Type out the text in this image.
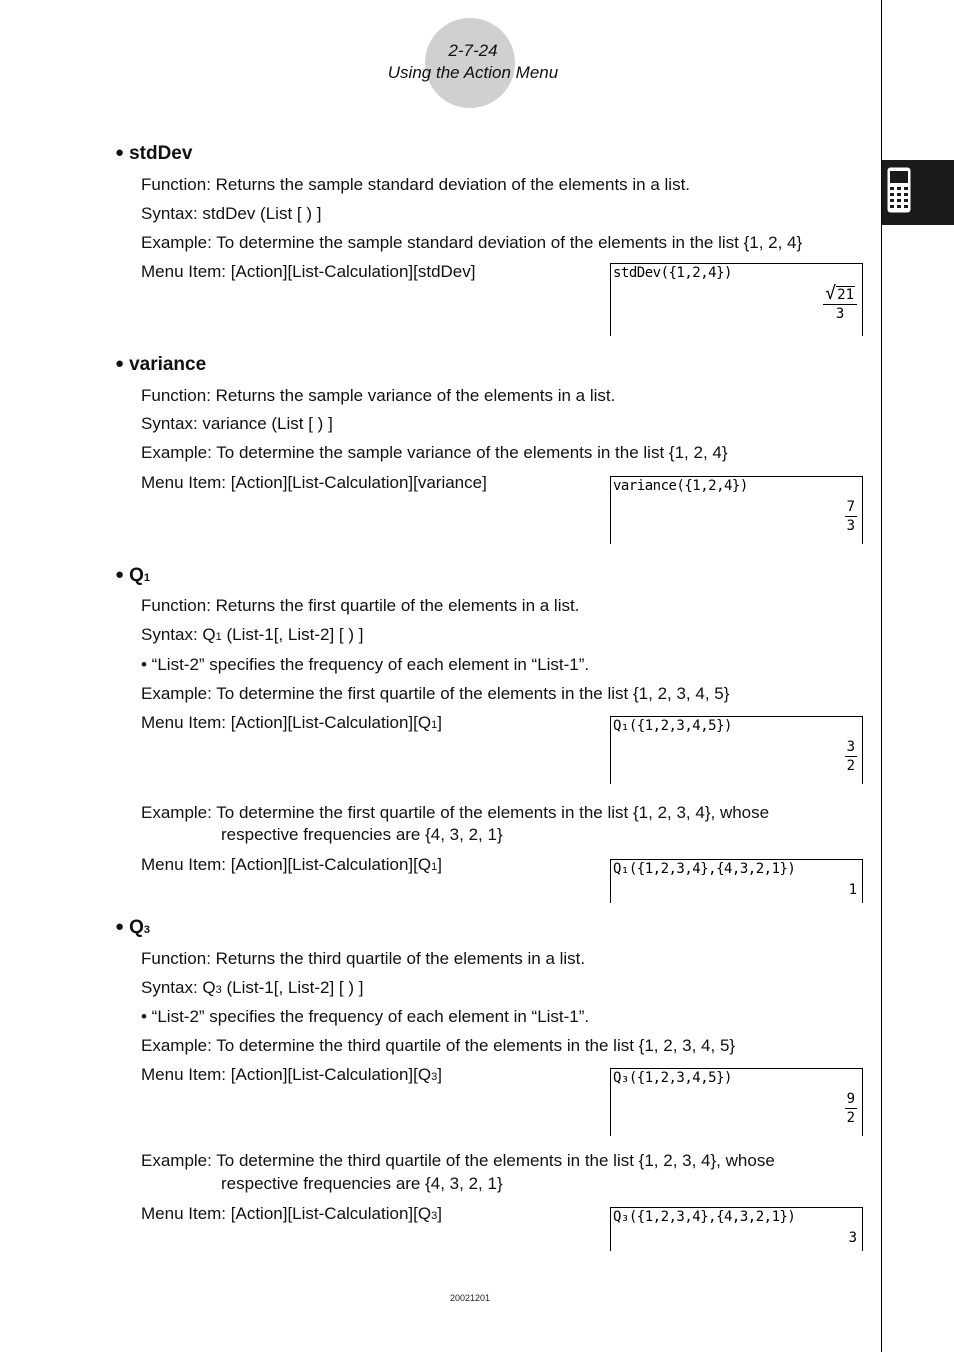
2-7-24
Using the Action Menu
● stdDev
Function: Returns the sample standard deviation of the elements in a list.
Syntax: stdDev (List [ ) ]
Example: To determine the sample standard deviation of the elements in the list {1, 2, 4}
Menu Item: [Action][List-Calculation][stdDev]	stdDev({1,2,4})
$\frac{√21}{3}$
● variance
Function: Returns the sample variance of the elements in a list.
Syntax: variance (List [ ) ]
Example: To determine the sample variance of the elements in the list {1, 2, 4}
Menu Item: [Action][List-Calculation][variance]	variance({1,2,4})
$\frac{7}{3}$
● Q1
Function: Returns the first quartile of the elements in a list.
Syntax: Q1 (List-1[, List-2] [ ) ]
• “List-2” specifies the frequency of each element in “List-1”.
Example: To determine the first quartile of the elements in the list {1, 2, 3, 4, 5}
Menu Item: [Action][List-Calculation][Q1]	Q₁({1,2,3,4,5})
$\frac{3}{2}$
Example: To determine the first quartile of the elements in the list {1, 2, 3, 4}, whose
respective frequencies are {4, 3, 2, 1}
Menu Item: [Action][List-Calculation][Q1]	Q₁({1,2,3,4},{4,3,2,1})
1
● Q3
Function: Returns the third quartile of the elements in a list.
Syntax: Q3 (List-1[, List-2] [ ) ]
• “List-2” specifies the frequency of each element in “List-1”.
Example: To determine the third quartile of the elements in the list {1, 2, 3, 4, 5}
Menu Item: [Action][List-Calculation][Q3]	Q₃({1,2,3,4,5})
$\frac{9}{2}$
Example: To determine the third quartile of the elements in the list {1, 2, 3, 4}, whose
respective frequencies are {4, 3, 2, 1}
Menu Item: [Action][List-Calculation][Q3]	Q₃({1,2,3,4},{4,3,2,1})
3
20021201
